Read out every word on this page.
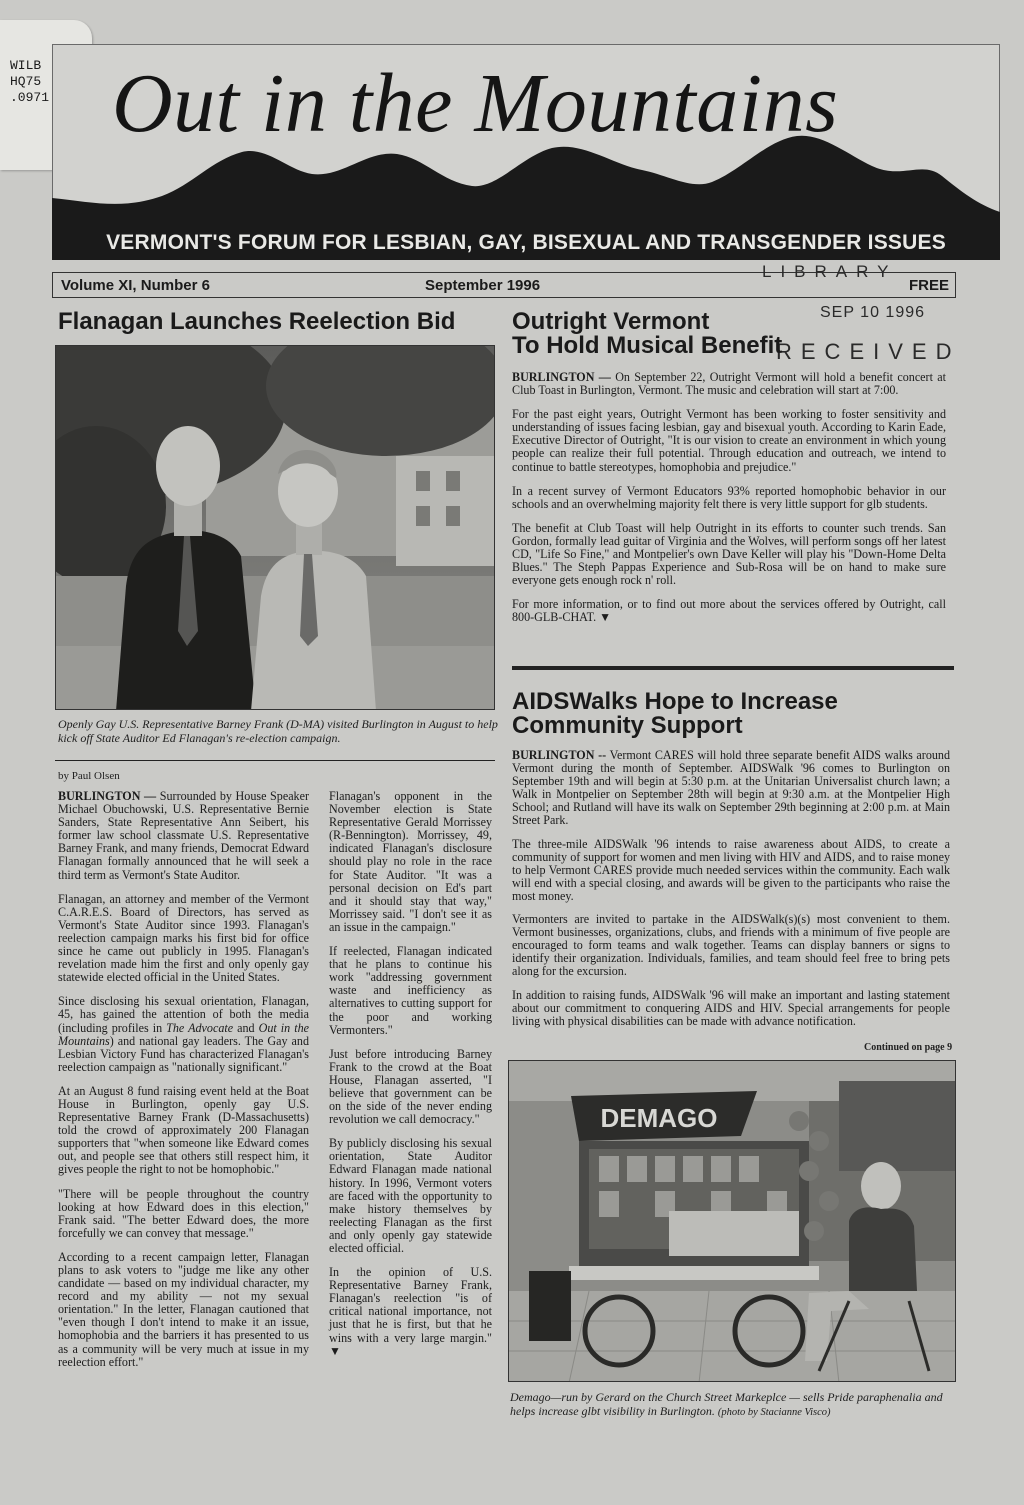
WILB
HQ75
.0971 Out in the Mountains
VERMONT'S FORUM FOR LESBIAN, GAY, BISEXUAL AND TRANSGENDER ISSUES
Volume XI, Number 6	September 1996	FREE
LIBRARY
SEP 10 1996
RECEIVED
Flanagan Launches Reelection Bid
Openly Gay U.S. Representative Barney Frank (D-MA) visited Burlington in August to help kick off State Auditor Ed Flanagan's re-election campaign.
by Paul Olsen

BURLINGTON — Surrounded by House Speaker Michael Obuchowski, U.S. Representative Bernie Sanders, State Representative Ann Seibert, his former law school classmate U.S. Representative Barney Frank, and many friends, Democrat Edward Flanagan formally announced that he will seek a third term as Vermont's State Auditor.

Flanagan, an attorney and member of the Vermont C.A.R.E.S. Board of Directors, has served as Vermont's State Auditor since 1993. Flanagan's reelection campaign marks his first bid for office since he came out publicly in 1995. Flanagan's revelation made him the first and only openly gay statewide elected official in the United States.

Since disclosing his sexual orientation, Flanagan, 45, has gained the attention of both the media (including profiles in The Advocate and Out in the Mountains) and national gay leaders. The Gay and Lesbian Victory Fund has characterized Flanagan's reelection campaign as "nationally significant."

At an August 8 fund raising event held at the Boat House in Burlington, openly gay U.S. Representative Barney Frank (D-Massachusetts) told the crowd of approximately 200 Flanagan supporters that "when someone like Edward comes out, and people see that others still respect him, it gives people the right to not be homophobic."

"There will be people throughout the country looking at how Edward does in this election," Frank said. "The better Edward does, the more forcefully we can convey that message."

According to a recent campaign letter, Flanagan plans to ask voters to "judge me like any other candidate — based on my individual character, my record and my ability — not my sexual orientation." In the letter, Flanagan cautioned that "even though I don't intend to make it an issue, homophobia and the barriers it has presented to us as a community will be very much at issue in my reelection effort."

Flanagan's opponent in the November election is State Representative Gerald Morrissey (R-Bennington). Morrissey, 49, indicated Flanagan's disclosure should play no role in the race for State Auditor. "It was a personal decision on Ed's part and it should stay that way," Morrissey said. "I don't see it as an issue in the campaign."

If reelected, Flanagan indicated that he plans to continue his work "addressing government waste and inefficiency as alternatives to cutting support for the poor and working Vermonters."

Just before introducing Barney Frank to the crowd at the Boat House, Flanagan asserted, "I believe that government can be on the side of the never ending revolution we call democracy."

By publicly disclosing his sexual orientation, State Auditor Edward Flanagan made national history. In 1996, Vermont voters are faced with the opportunity to make history themselves by reelecting Flanagan as the first and only openly gay statewide elected official.

In the opinion of U.S. Representative Barney Frank, Flanagan's reelection "is of critical national importance, not just that he is first, but that he wins with a very large margin." ▼

Outright Vermont
To Hold Musical Benefit

BURLINGTON — On September 22, Outright Vermont will hold a benefit concert at Club Toast in Burlington, Vermont. The music and celebration will start at 7:00.

For the past eight years, Outright Vermont has been working to foster sensitivity and understanding of issues facing lesbian, gay and bisexual youth. According to Karin Eade, Executive Director of Outright, "It is our vision to create an environment in which young people can realize their full potential. Through education and outreach, we intend to continue to battle stereotypes, homophobia and prejudice."

In a recent survey of Vermont Educators 93% reported homophobic behavior in our schools and an overwhelming majority felt there is very little support for glb students.

The benefit at Club Toast will help Outright in its efforts to counter such trends. San Gordon, formally lead guitar of Virginia and the Wolves, will perform songs off her latest CD, "Life So Fine," and Montpelier's own Dave Keller will play his "Down-Home Delta Blues." The Steph Pappas Experience and Sub-Rosa will be on hand to make sure everyone gets enough rock n' roll.

For more information, or to find out more about the services offered by Outright, call 800-GLB-CHAT. ▼

AIDSWalks Hope to Increase
Community Support

BURLINGTON -- Vermont CARES will hold three separate benefit AIDS walks around Vermont during the month of September. AIDSWalk '96 comes to Burlington on September 19th and will begin at 5:30 p.m. at the Unitarian Universalist church lawn; a Walk in Montpelier on September 28th will begin at 9:30 a.m. at the Montpelier High School; and Rutland will have its walk on September 29th beginning at 2:00 p.m. at Main Street Park.

The three-mile AIDSWalk '96 intends to raise awareness about AIDS, to create a community of support for women and men living with HIV and AIDS, and to raise money to help Vermont CARES provide much needed services within the community. Each walk will end with a special closing, and awards will be given to the participants who raise the most money.

Vermonters are invited to partake in the AIDSWalk(s)(s) most convenient to them. Vermont businesses, organizations, clubs, and friends with a minimum of five people are encouraged to form teams and walk together. Teams can display banners or signs to identify their organization. Individuals, families, and team should feel free to bring pets along for the excursion.

In addition to raising funds, AIDSWalk '96 will make an important and lasting statement about our commitment to conquering AIDS and HIV. Special arrangements for people living with physical disabilities can be made with advance notification.

Continued on page 9
DEMAGO
Demago—run by Gerard on the Church Street Markeplce — sells Pride paraphenalia and helps increase glbt visibility in Burlington. (photo by Stacianne Visco)
